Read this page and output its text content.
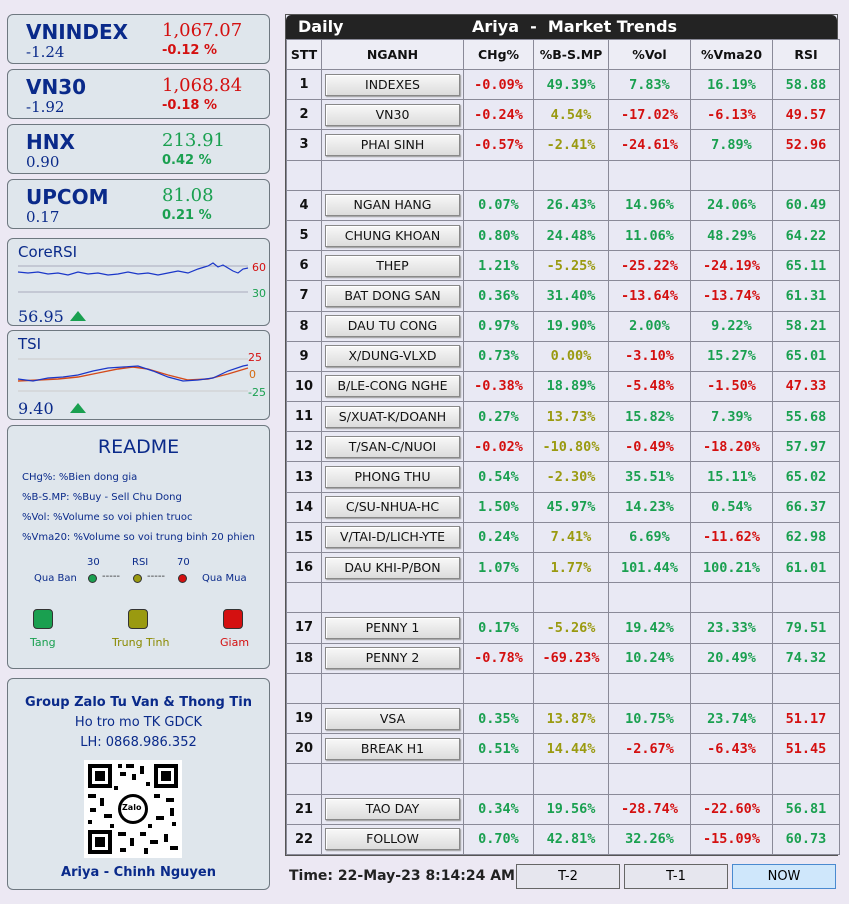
VNINDEX
-1.24
1,067.07
-0.12 %
VN30
-1.92
1,068.84
-0.18 %
HNX
0.90
213.91
0.42 %
UPCOM
0.17
81.08
0.21 %
CoreRSI
60
30
56.95
TSI
25
0
-25
9.40
README
CHg%: %Bien dong gia
%B-S.MP: %Buy - Sell Chu Dong
%Vol: %Volume so voi phien truoc
%Vma20: %Volume so voi trung binh 20 phien
30	RSI	70
Qua Ban	-----	-----	Qua Mua
Tang	Trung Tinh	Giam
Group Zalo Tu Van & Thong Tin
Ho tro mo TK GDCK
LH: 0868.986.352
Zalo
Ariya - Chinh Nguyen
Daily	Ariya  -  Market Trends
STT	NGANH	CHg%	%B-S.MP	%Vol	%Vma20	RSI
1	INDEXES	-0.09%	49.39%	7.83%	16.19%	58.88
2	VN30	-0.24%	4.54%	-17.02%	-6.13%	49.57
3	PHAI SINH	-0.57%	-2.41%	-24.61%	7.89%	52.96

4	NGAN HANG	0.07%	26.43%	14.96%	24.06%	60.49
5	CHUNG KHOAN	0.80%	24.48%	11.06%	48.29%	64.22
6	THEP	1.21%	-5.25%	-25.22%	-24.19%	65.11
7	BAT DONG SAN	0.36%	31.40%	-13.64%	-13.74%	61.31
8	DAU TU CONG	0.97%	19.90%	2.00%	9.22%	58.21
9	X/DUNG-VLXD	0.73%	0.00%	-3.10%	15.27%	65.01
10	B/LE-CONG NGHE	-0.38%	18.89%	-5.48%	-1.50%	47.33
11	S/XUAT-K/DOANH	0.27%	13.73%	15.82%	7.39%	55.68
12	T/SAN-C/NUOI	-0.02%	-10.80%	-0.49%	-18.20%	57.97
13	PHONG THU	0.54%	-2.30%	35.51%	15.11%	65.02
14	C/SU-NHUA-HC	1.50%	45.97%	14.23%	0.54%	66.37
15	V/TAI-D/LICH-YTE	0.24%	7.41%	6.69%	-11.62%	62.98
16	DAU KHI-P/BON	1.07%	1.77%	101.44%	100.21%	61.01

17	PENNY 1	0.17%	-5.26%	19.42%	23.33%	79.51
18	PENNY 2	-0.78%	-69.23%	10.24%	20.49%	74.32

19	VSA	0.35%	13.87%	10.75%	23.74%	51.17
20	BREAK H1	0.51%	14.44%	-2.67%	-6.43%	51.45

21	TAO DAY	0.34%	19.56%	-28.74%	-22.60%	56.81
22	FOLLOW	0.70%	42.81%	32.26%	-15.09%	60.73
Time: 22-May-23 8:14:24 AM	T-2	T-1	NOW
